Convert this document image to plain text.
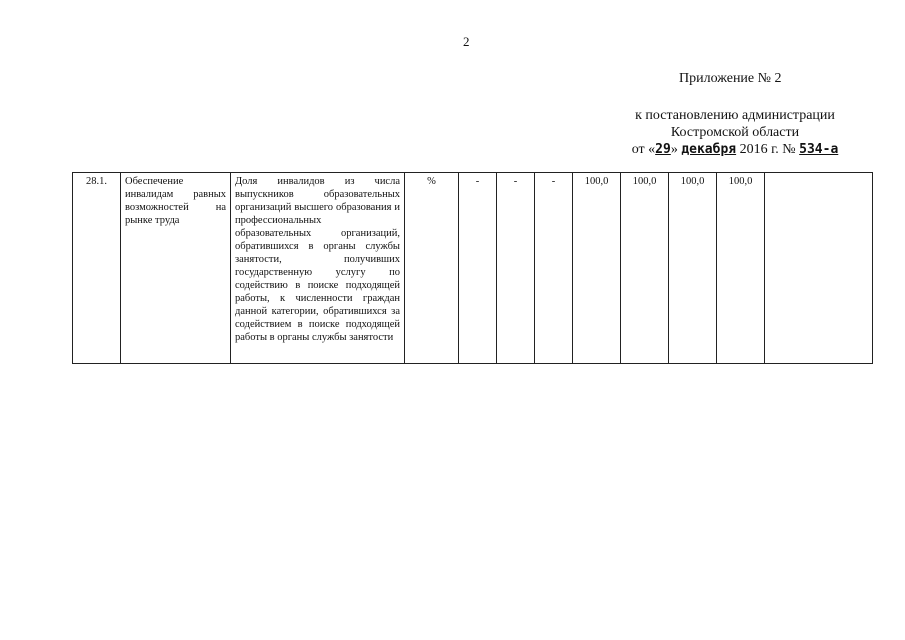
2
Приложение № 2
к постановлению администрации
Костромской области
от «29» декабря 2016 г. № 534-а
28.1.	Обеспечение инвалидам равных возможностей на рынке труда	Доля инвалидов из числа выпускников образовательных организаций высшего образования и профессиональных образовательных организаций, обратившихся в органы службы занятости, получивших государственную услугу по содействию в поиске подходящей работы, к численности граждан данной категории, обратившихся за содействием в поиске подходящей работы в органы службы занятости	%	-	-	-	100,0	100,0	100,0	100,0	
